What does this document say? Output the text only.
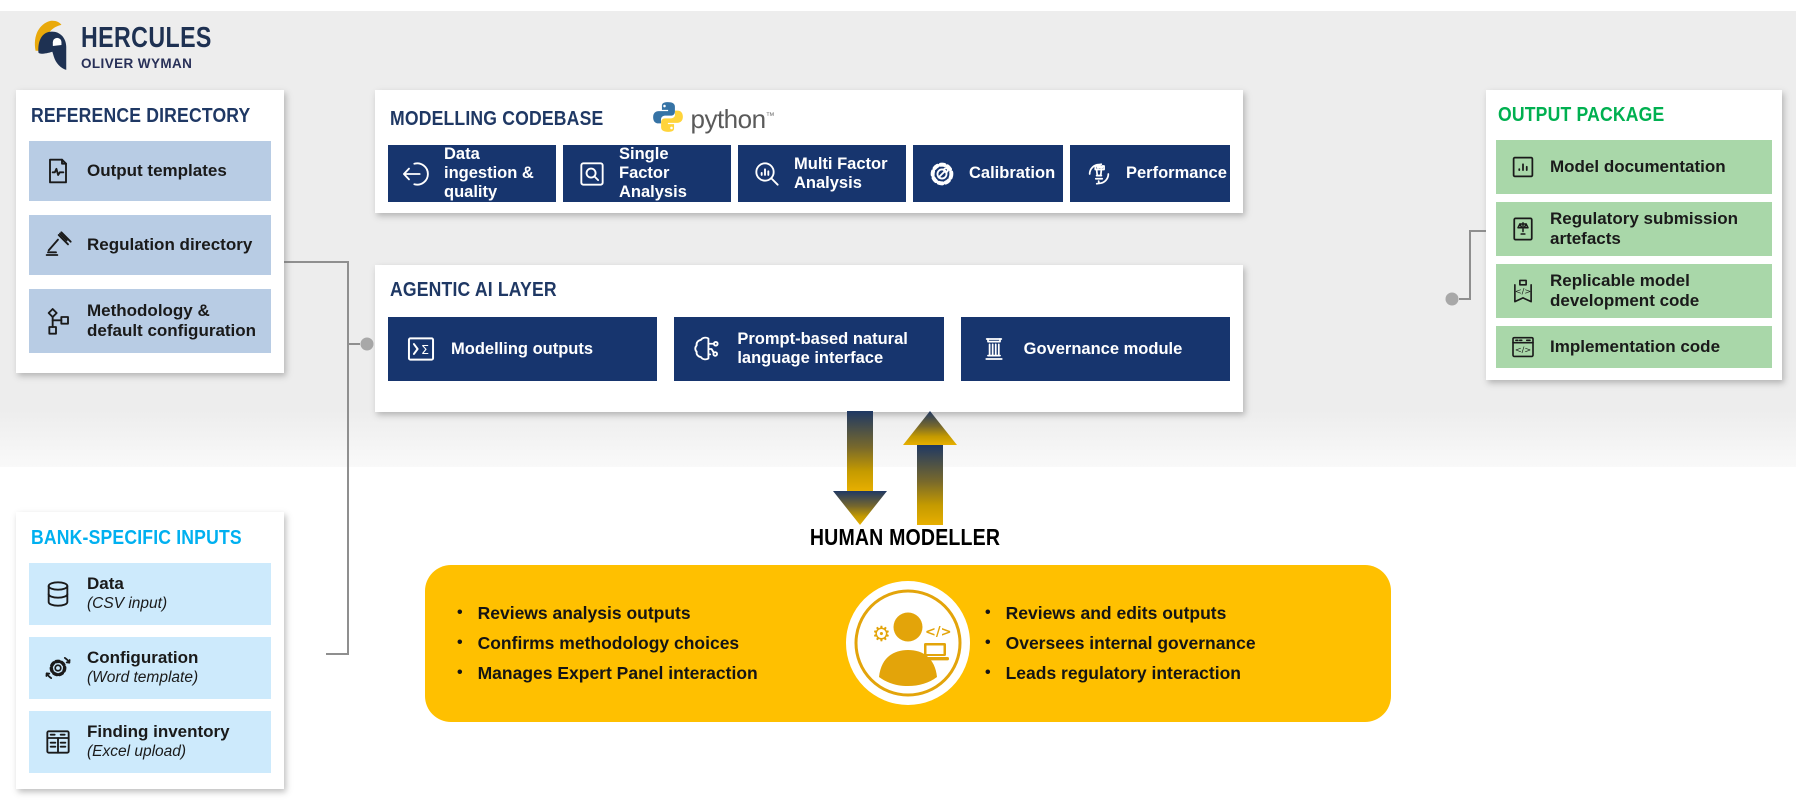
HERCULES
OLIVER WYMAN
REFERENCE DIRECTORY
Output templates
Regulation directory
Methodology & default configuration
BANK-SPECIFIC INPUTS
Data
(CSV input)
Configuration
(Word template)
Finding inventory
(Excel upload)
MODELLING CODEBASE	python™
Data ingestion & quality
Single Factor Analysis
Multi Factor Analysis
Calibration	Performance
AGENTIC AI LAYER
Σ Modelling outputs
Prompt-based natural language interface
Governance module
HUMAN MODELLER
• Reviews analysis outputs
• Confirms methodology choices
• Manages Expert Panel interaction
⚙	</>
• Reviews and edits outputs
• Oversees internal governance
• Leads regulatory interaction
OUTPUT PACKAGE
Model documentation
Regulatory submission artefacts
</>
Replicable model development code
</> Implementation code
